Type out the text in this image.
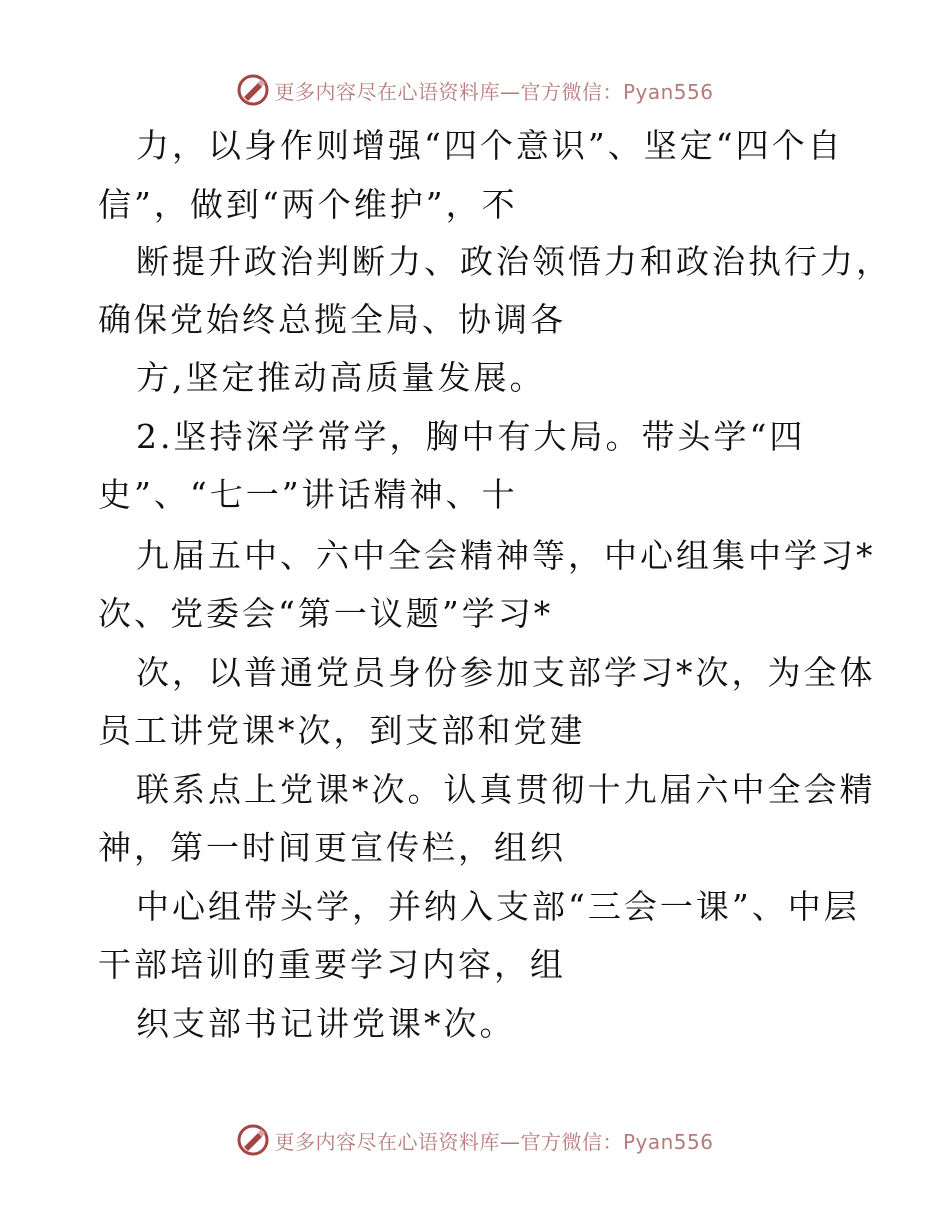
更多内容尽在心语资料库—官方微信：Pyan556
力，以身作则增强“四个意识”、坚定“四个自
信”，做到“两个维护”，不
断提升政治判断力、政治领悟力和政治执行力，
确保党始终总揽全局、协调各
方,坚定推动高质量发展。
2.坚持深学常学，胸中有大局。带头学“四
史”、“七一”讲话精神、十
九届五中、六中全会精神等，中心组集中学习*
次、党委会“第一议题”学习*
次，以普通党员身份参加支部学习*次，为全体
员工讲党课*次，到支部和党建
联系点上党课*次。认真贯彻十九届六中全会精
神，第一时间更宣传栏，组织
中心组带头学，并纳入支部“三会一课”、中层
干部培训的重要学习内容，组
织支部书记讲党课*次。
更多内容尽在心语资料库—官方微信：Pyan556
